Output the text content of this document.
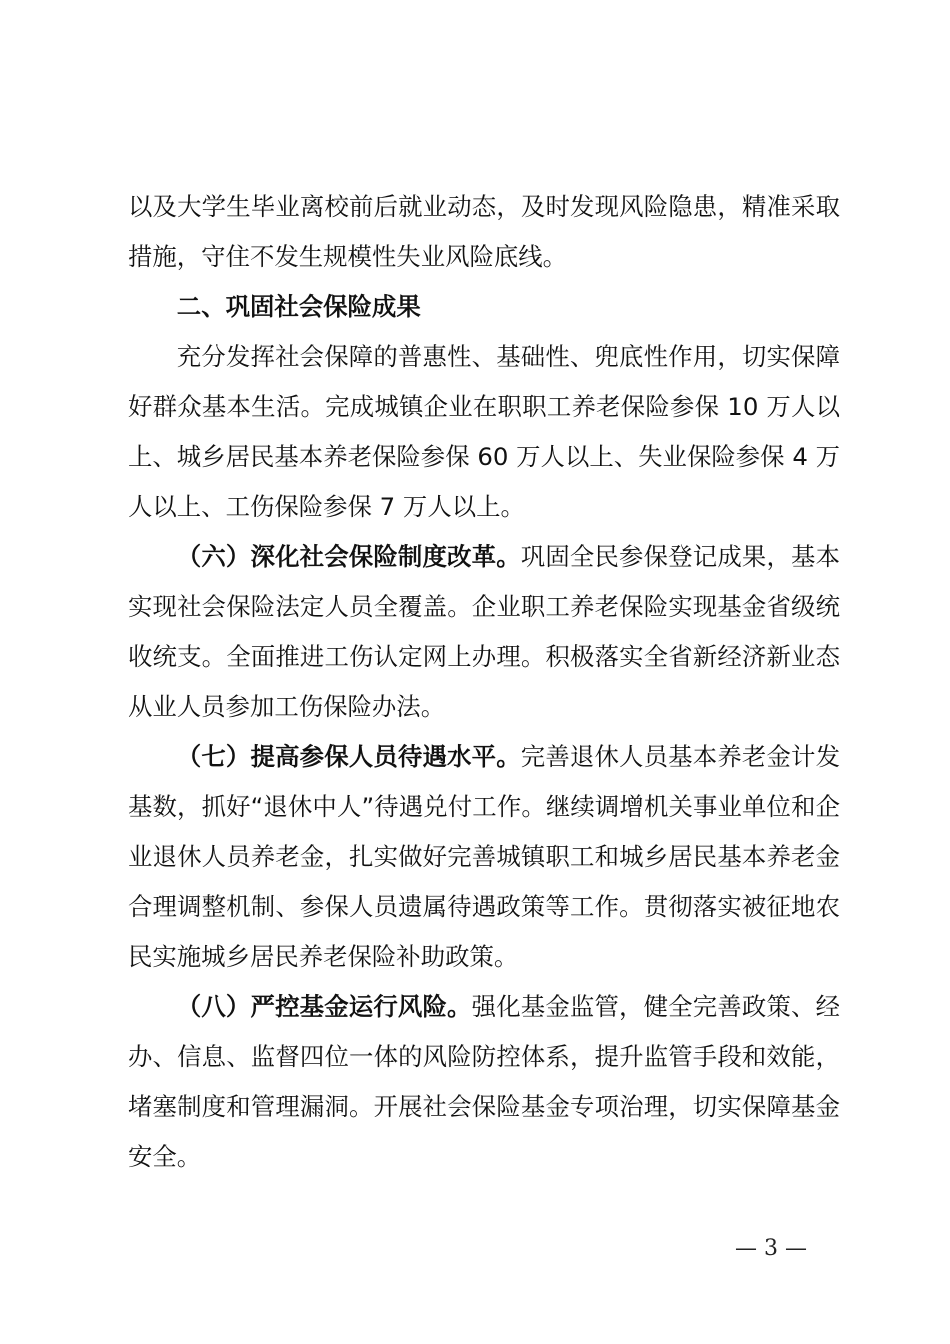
以及大学生毕业离校前后就业动态，及时发现风险隐患，精准采取措施，守住不发生规模性失业风险底线。

二、巩固社会保险成果

充分发挥社会保障的普惠性、基础性、兜底性作用，切实保障好群众基本生活。完成城镇企业在职职工养老保险参保 10 万人以上、城乡居民基本养老保险参保 60 万人以上、失业保险参保 4 万人以上、工伤保险参保 7 万人以上。

（六）深化社会保险制度改革。巩固全民参保登记成果，基本实现社会保险法定人员全覆盖。企业职工养老保险实现基金省级统收统支。全面推进工伤认定网上办理。积极落实全省新经济新业态从业人员参加工伤保险办法。

（七）提高参保人员待遇水平。完善退休人员基本养老金计发基数，抓好“退休中人”待遇兑付工作。继续调增机关事业单位和企业退休人员养老金，扎实做好完善城镇职工和城乡居民基本养老金合理调整机制、参保人员遗属待遇政策等工作。贯彻落实被征地农民实施城乡居民养老保险补助政策。

（八）严控基金运行风险。强化基金监管，健全完善政策、经办、信息、监督四位一体的风险防控体系，提升监管手段和效能，堵塞制度和管理漏洞。开展社会保险基金专项治理，切实保障基金安全。

— 3 —
